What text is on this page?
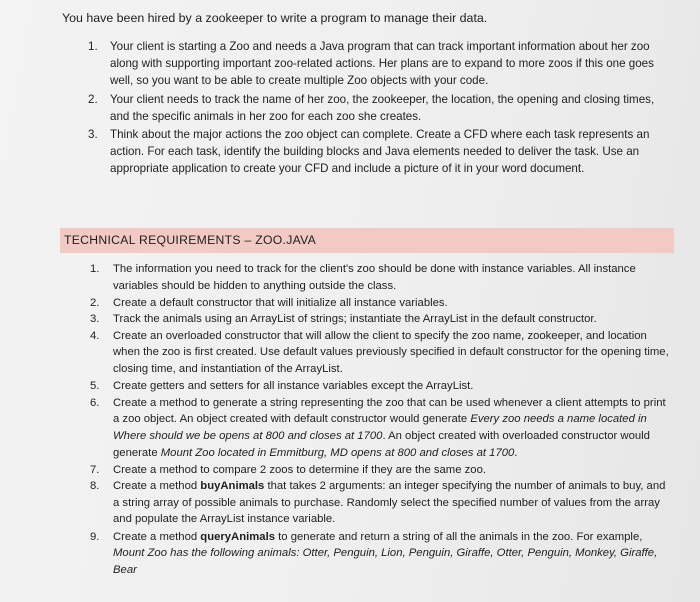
You have been hired by a zookeeper to write a program to manage their data.
1. Your client is starting a Zoo and needs a Java program that can track important information about her zoo along with supporting important zoo-related actions. Her plans are to expand to more zoos if this one goes well, so you want to be able to create multiple Zoo objects with your code.
2. Your client needs to track the name of her zoo, the zookeeper, the location, the opening and closing times, and the specific animals in her zoo for each zoo she creates.
3. Think about the major actions the zoo object can complete. Create a CFD where each task represents an action. For each task, identify the building blocks and Java elements needed to deliver the task. Use an appropriate application to create your CFD and include a picture of it in your word document.
TECHNICAL REQUIREMENTS – ZOO.JAVA
1. The information you need to track for the client's zoo should be done with instance variables. All instance variables should be hidden to anything outside the class.
2. Create a default constructor that will initialize all instance variables.
3. Track the animals using an ArrayList of strings; instantiate the ArrayList in the default constructor.
4. Create an overloaded constructor that will allow the client to specify the zoo name, zookeeper, and location when the zoo is first created. Use default values previously specified in default constructor for the opening time, closing time, and instantiation of the ArrayList.
5. Create getters and setters for all instance variables except the ArrayList.
6. Create a method to generate a string representing the zoo that can be used whenever a client attempts to print a zoo object. An object created with default constructor would generate Every zoo needs a name located in Where should we be opens at 800 and closes at 1700. An object created with overloaded constructor would generate Mount Zoo located in Emmitburg, MD opens at 800 and closes at 1700.
7. Create a method to compare 2 zoos to determine if they are the same zoo.
8. Create a method buyAnimals that takes 2 arguments: an integer specifying the number of animals to buy, and a string array of possible animals to purchase. Randomly select the specified number of values from the array and populate the ArrayList instance variable.
9. Create a method queryAnimals to generate and return a string of all the animals in the zoo. For example, Mount Zoo has the following animals: Otter, Penguin, Lion, Penguin, Giraffe, Otter, Penguin, Monkey, Giraffe, Bear
